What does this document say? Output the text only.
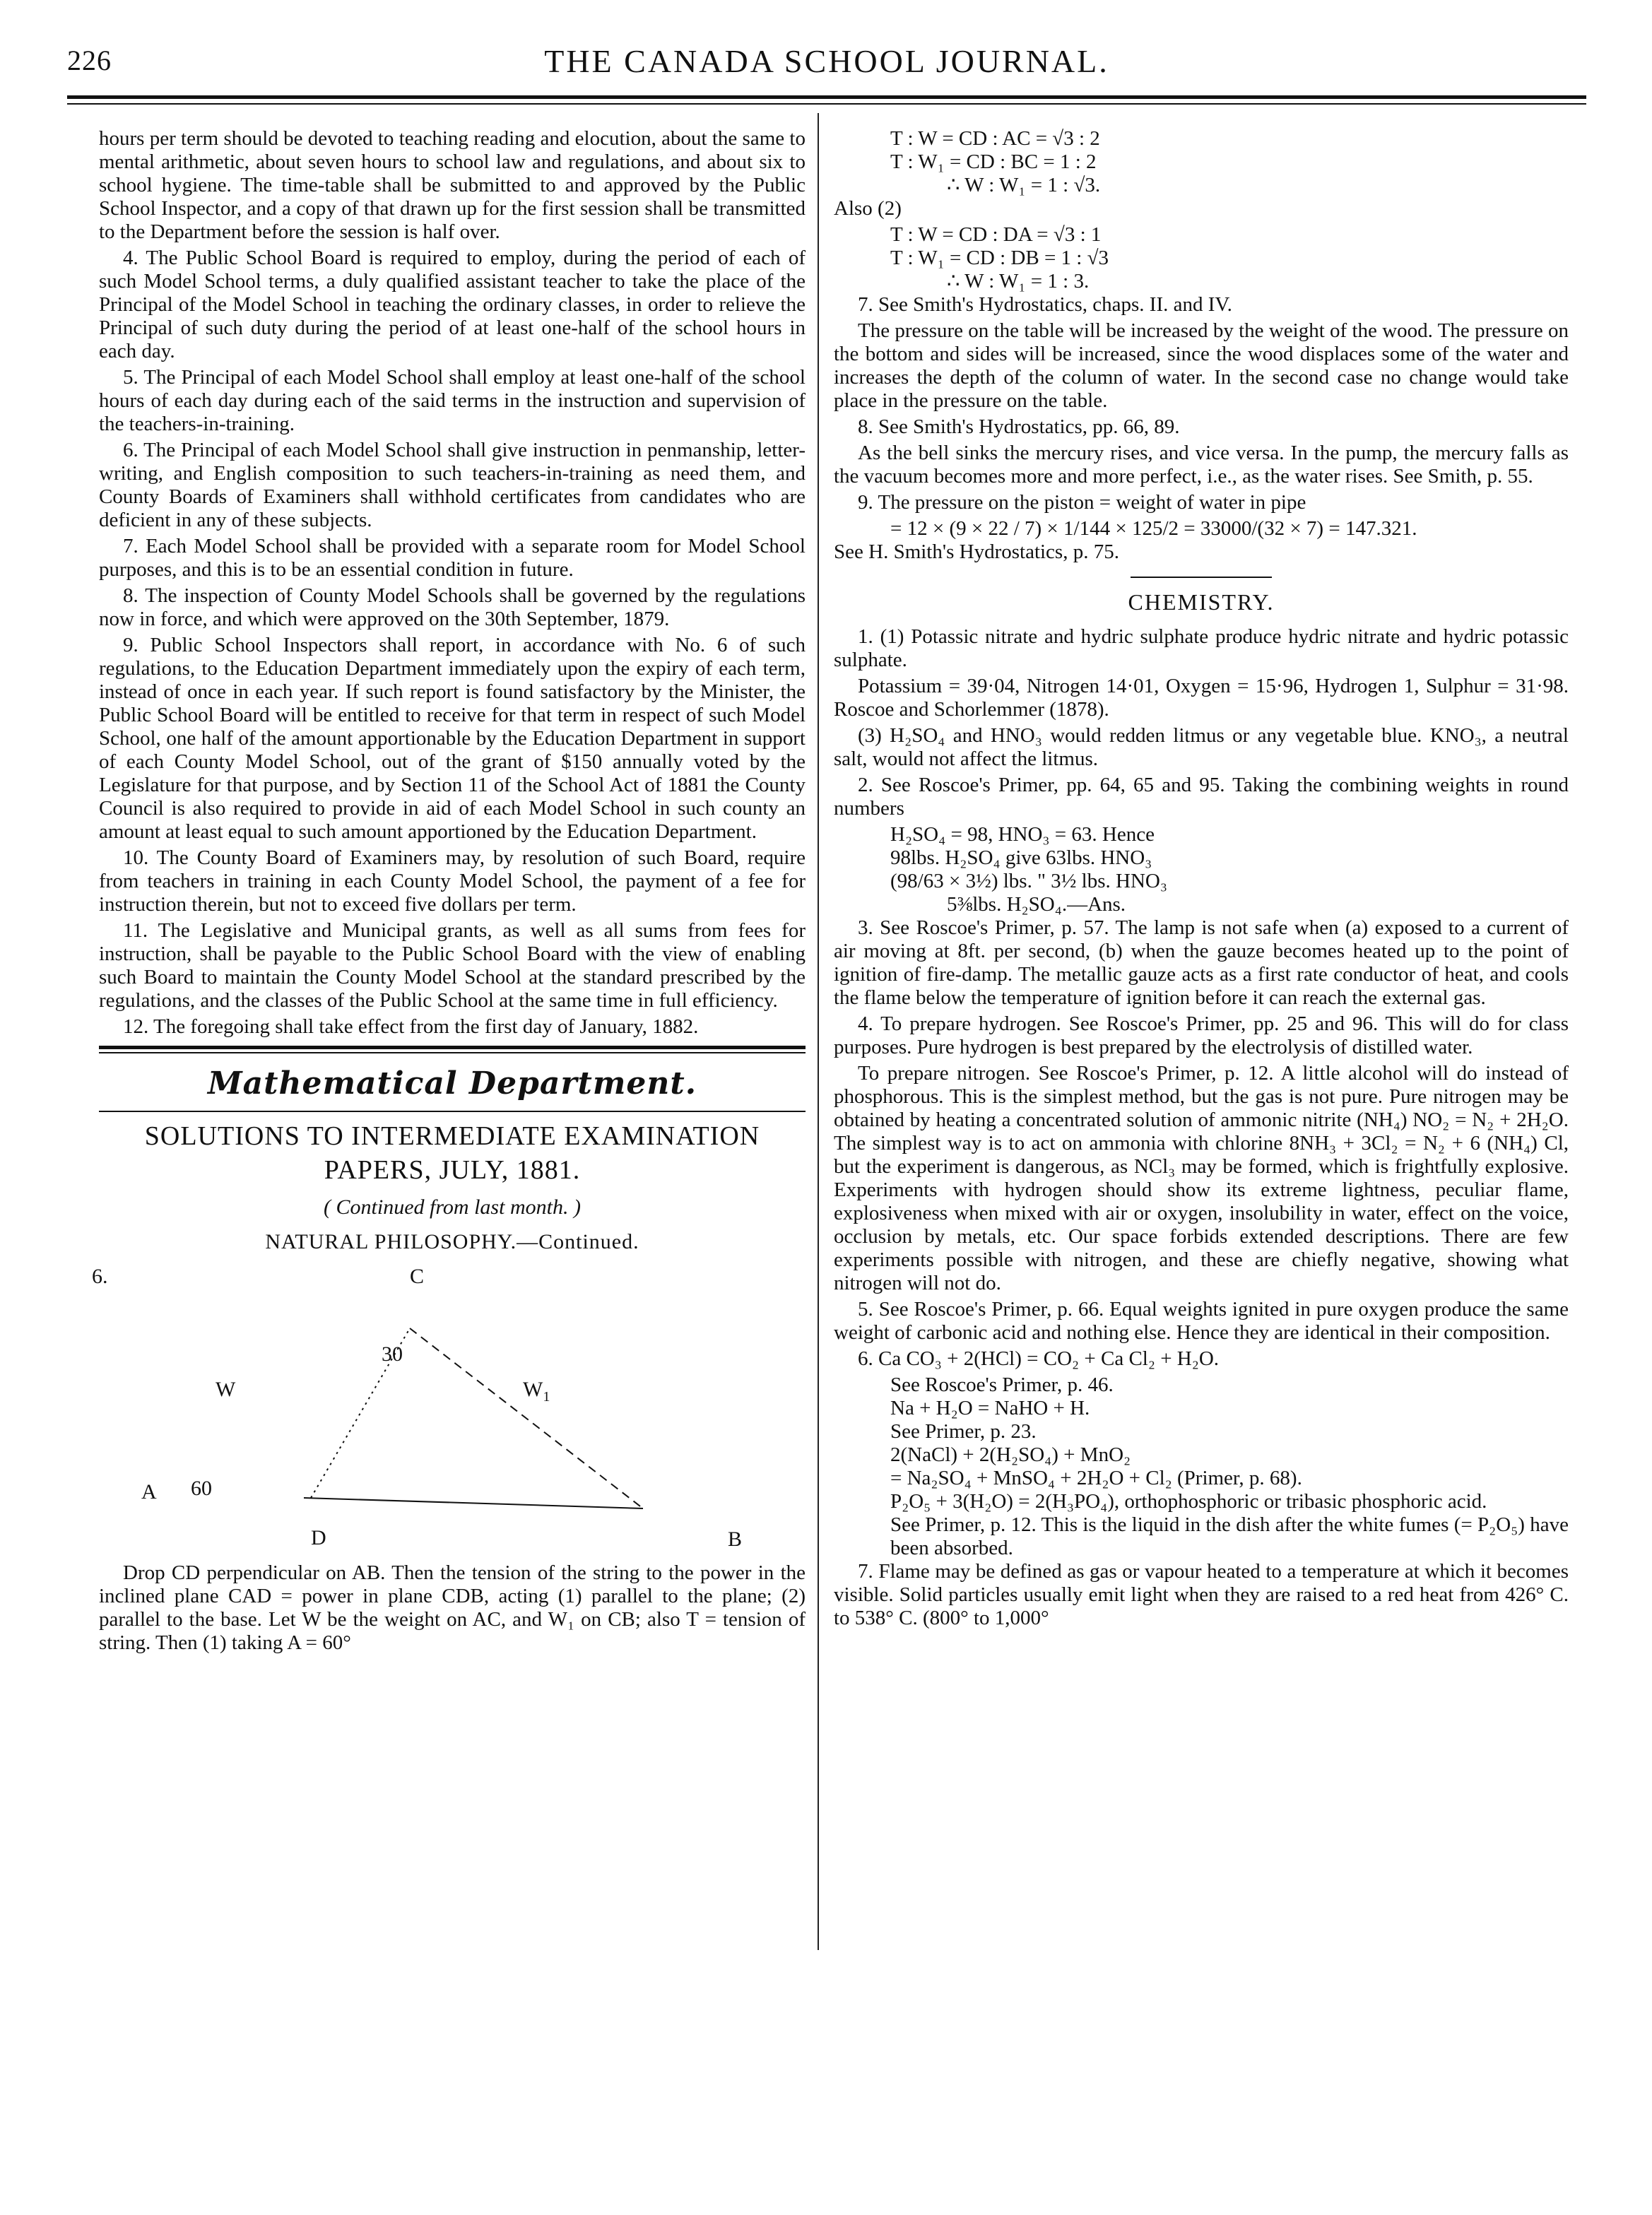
226	THE CANADA SCHOOL JOURNAL.

hours per term should be devoted to teaching reading and elocution, about the same to mental arithmetic, about seven hours to school law and regulations, and about six to school hygiene. The time-table shall be submitted to and approved by the Public School Inspector, and a copy of that drawn up for the first session shall be transmitted to the Department before the session is half over.

4. The Public School Board is required to employ, during the period of each of such Model School terms, a duly qualified assistant teacher to take the place of the Principal of the Model School in teaching the ordinary classes, in order to relieve the Principal of such duty during the period of at least one-half of the school hours in each day.

5. The Principal of each Model School shall employ at least one-half of the school hours of each day during each of the said terms in the instruction and supervision of the teachers-in-training.

6. The Principal of each Model School shall give instruction in penmanship, letter-writing, and English composition to such teachers-in-training as need them, and County Boards of Examiners shall withhold certificates from candidates who are deficient in any of these subjects.

7. Each Model School shall be provided with a separate room for Model School purposes, and this is to be an essential condition in future.

8. The inspection of County Model Schools shall be governed by the regulations now in force, and which were approved on the 30th September, 1879.

9. Public School Inspectors shall report, in accordance with No. 6 of such regulations, to the Education Department immediately upon the expiry of each term, instead of once in each year. If such report is found satisfactory by the Minister, the Public School Board will be entitled to receive for that term in respect of such Model School, one half of the amount apportionable by the Education Department in support of each County Model School, out of the grant of $150 annually voted by the Legislature for that purpose, and by Section 11 of the School Act of 1881 the County Council is also required to provide in aid of each Model School in such county an amount at least equal to such amount apportioned by the Education Department.

10. The County Board of Examiners may, by resolution of such Board, require from teachers in training in each County Model School, the payment of a fee for instruction therein, but not to exceed five dollars per term.

11. The Legislative and Municipal grants, as well as all sums from fees for instruction, shall be payable to the Public School Board with the view of enabling such Board to maintain the County Model School at the standard prescribed by the regulations, and the classes of the Public School at the same time in full efficiency.

12. The foregoing shall take effect from the first day of January, 1882.

Mathematical Department.
SOLUTIONS TO INTERMEDIATE EXAMINATION PAPERS, JULY, 1881.
( Continued from last month. )
NATURAL PHILOSOPHY.—Continued.
6.	C
30
W	$W_1$
A 60
D	B

Drop CD perpendicular on AB. Then the tension of the string to the power in the inclined plane CAD = power in plane CDB, acting (1) parallel to the plane; (2) parallel to the base. Let W be the weight on AC, and W₁ on CB; also T = tension of string. Then (1) taking A = 60°

T : W = CD : AC = √3 : 2

T : W₁ = CD : BC = 1 : 2

∴ W : W₁ = 1 : √3.

Also (2)

T : W = CD : DA = √3 : 1

T : W₁ = CD : DB = 1 : √3

∴ W : W₁ = 1 : 3.

7. See Smith's Hydrostatics, chaps. II. and IV.

The pressure on the table will be increased by the weight of the wood. The pressure on the bottom and sides will be increased, since the wood displaces some of the water and increases the depth of the column of water. In the second case no change would take place in the pressure on the table.

8. See Smith's Hydrostatics, pp. 66, 89.

As the bell sinks the mercury rises, and vice versa. In the pump, the mercury falls as the vacuum becomes more and more perfect, i.e., as the water rises. See Smith, p. 55.

9. The pressure on the piston = weight of water in pipe

= 12 × (9 × 22 / 7) × 1/144 × 125/2 = 33000/(32 × 7) = 147.321.

See H. Smith's Hydrostatics, p. 75.

CHEMISTRY.

1. (1) Potassic nitrate and hydric sulphate produce hydric nitrate and hydric potassic sulphate.

Potassium = 39·04, Nitrogen 14·01, Oxygen = 15·96, Hydrogen 1, Sulphur = 31·98. Roscoe and Schorlemmer (1878).

(3) H₂SO₄ and HNO₃ would redden litmus or any vegetable blue. KNO₃, a neutral salt, would not affect the litmus.

2. See Roscoe's Primer, pp. 64, 65 and 95. Taking the combining weights in round numbers

H₂SO₄ = 98, HNO₃ = 63. Hence

98lbs. H₂SO₄ give 63lbs. HNO₃

(98/63 × 3½) lbs. " 3½ lbs. HNO₃

5⅜lbs. H₂SO₄.—Ans.

3. See Roscoe's Primer, p. 57. The lamp is not safe when (a) exposed to a current of air moving at 8ft. per second, (b) when the gauze becomes heated up to the point of ignition of fire-damp. The metallic gauze acts as a first rate conductor of heat, and cools the flame below the temperature of ignition before it can reach the external gas.

4. To prepare hydrogen. See Roscoe's Primer, pp. 25 and 96. This will do for class purposes. Pure hydrogen is best prepared by the electrolysis of distilled water.

To prepare nitrogen. See Roscoe's Primer, p. 12. A little alcohol will do instead of phosphorous. This is the simplest method, but the gas is not pure. Pure nitrogen may be obtained by heating a concentrated solution of ammonic nitrite (NH₄) NO₂ = N₂ + 2H₂O. The simplest way is to act on ammonia with chlorine 8NH₃ + 3Cl₂ = N₂ + 6 (NH₄) Cl, but the experiment is dangerous, as NCl₃ may be formed, which is frightfully explosive. Experiments with hydrogen should show its extreme lightness, peculiar flame, explosiveness when mixed with air or oxygen, insolubility in water, effect on the voice, occlusion by metals, etc. Our space forbids extended descriptions. There are few experiments possible with nitrogen, and these are chiefly negative, showing what nitrogen will not do.

5. See Roscoe's Primer, p. 66. Equal weights ignited in pure oxygen produce the same weight of carbonic acid and nothing else. Hence they are identical in their composition.

6. Ca CO₃ + 2(HCl) = CO₂ + Ca Cl₂ + H₂O.

See Roscoe's Primer, p. 46.

Na + H₂O = NaHO + H.

See Primer, p. 23.

2(NaCl) + 2(H₂SO₄) + MnO₂

= Na₂SO₄ + MnSO₄ + 2H₂O + Cl₂ (Primer, p. 68).

P₂O₅ + 3(H₂O) = 2(H₃PO₄), orthophosphoric or tribasic phosphoric acid.

See Primer, p. 12. This is the liquid in the dish after the white fumes (= P₂O₅) have been absorbed.

7. Flame may be defined as gas or vapour heated to a temperature at which it becomes visible. Solid particles usually emit light when they are raised to a red heat from 426° C. to 538° C. (800° to 1,000°
